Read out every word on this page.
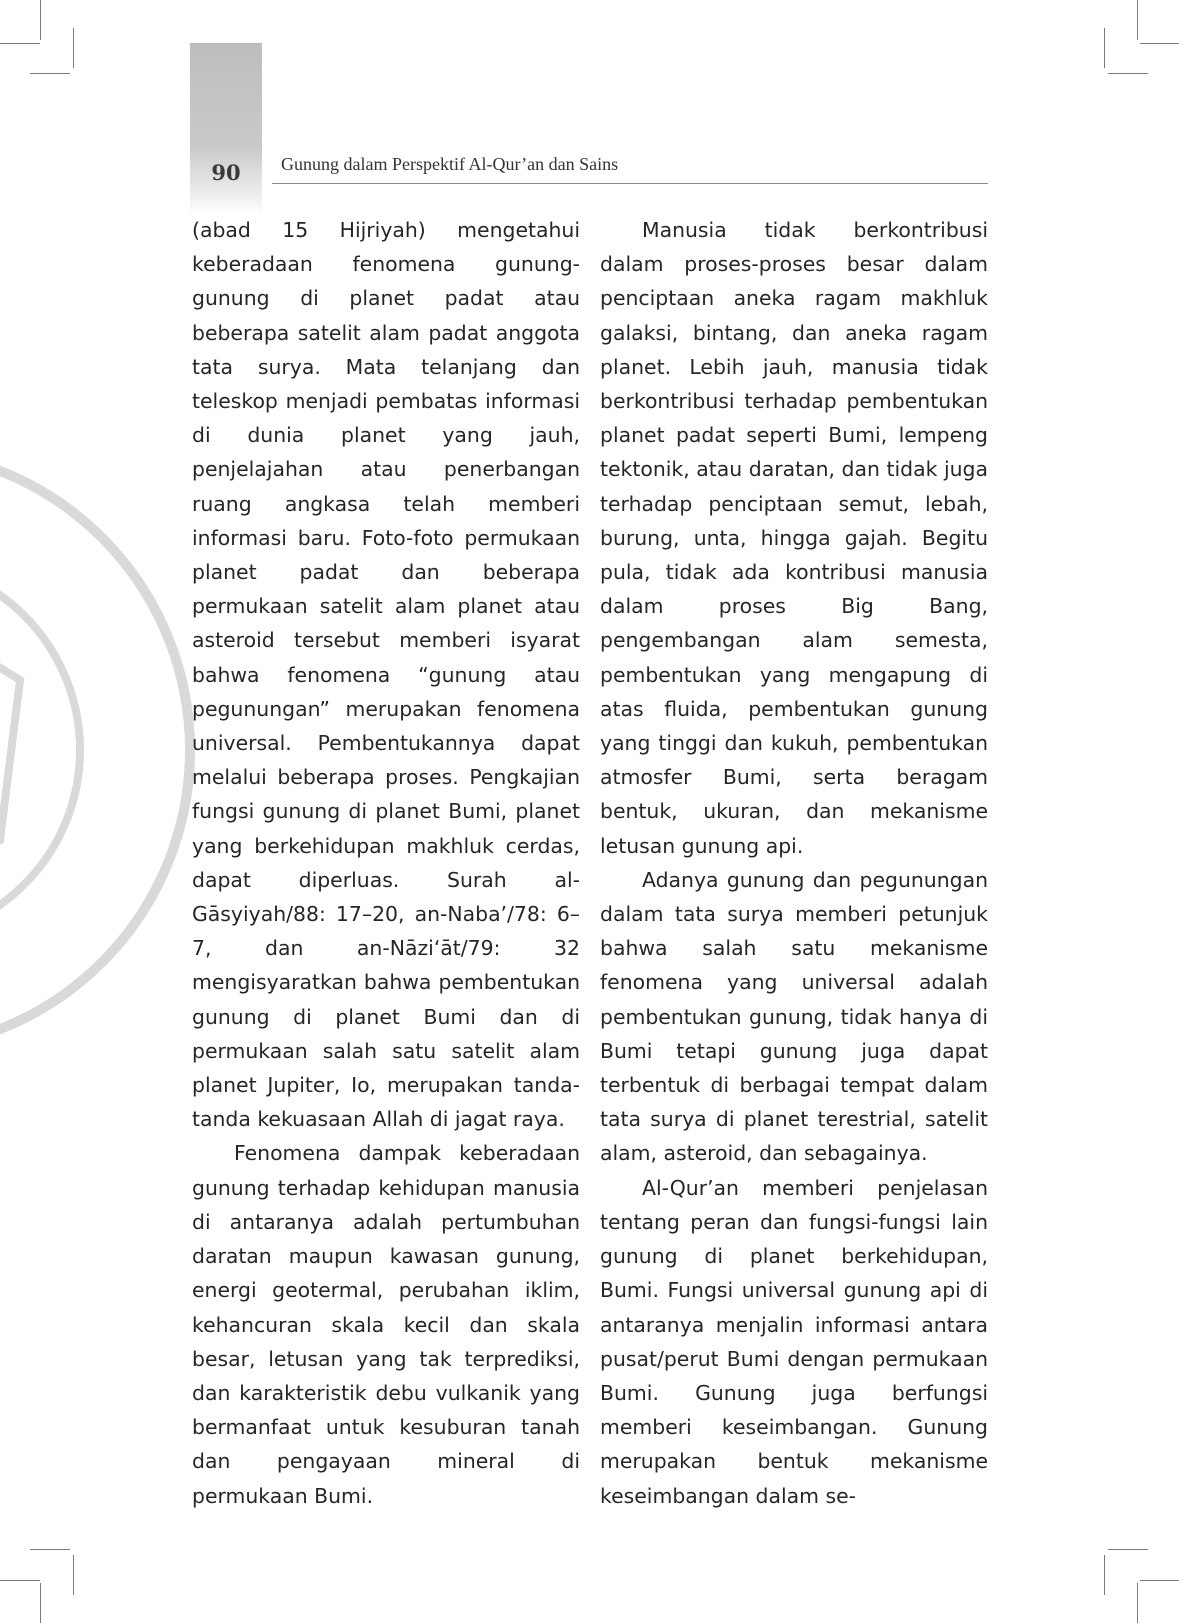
90	Gunung dalam Perspektif Al-Qur’an dan Sains

(abad 15 Hijriyah) mengetahui keberadaan fenomena gunung-gunung di planet padat atau beberapa satelit alam padat anggota tata surya. Mata telanjang dan teleskop menjadi pembatas informasi di dunia planet yang jauh, penjelajahan atau penerbangan ruang angkasa telah memberi informasi baru. Foto-foto permukaan planet padat dan beberapa permukaan satelit alam planet atau asteroid tersebut memberi isyarat bahwa fenomena “gunung atau pegunungan” merupakan fenomena universal. Pembentukannya dapat melalui beberapa proses. Pengkajian fungsi gunung di planet Bumi, planet yang berkehidupan makhluk cerdas, dapat diperluas. Surah al-Gāsyiyah/88: 17–20, an-Naba’/78: 6–7, dan an-Nāzi‘āt/79: 32 mengisyaratkan bahwa pembentukan gunung di planet Bumi dan di permukaan salah satu satelit alam planet Jupiter, Io, merupakan tanda-tanda kekuasaan Allah di jagat raya.

Fenomena dampak keberadaan gunung terhadap kehidupan manusia di antaranya adalah pertumbuhan daratan maupun kawasan gunung, energi geotermal, perubahan iklim, kehancuran skala kecil dan skala besar, letusan yang tak terprediksi, dan karakteristik debu vulkanik yang bermanfaat untuk kesuburan tanah dan pengayaan mineral di permukaan Bumi.

Manusia tidak berkontribusi dalam proses-proses besar dalam penciptaan aneka ragam makhluk galaksi, bintang, dan aneka ragam planet. Lebih jauh, manusia tidak berkontribusi terhadap pembentukan planet padat seperti Bumi, lempeng tektonik, atau daratan, dan tidak juga terhadap penciptaan semut, lebah, burung, unta, hingga gajah. Begitu pula, tidak ada kontribusi manusia dalam proses Big Bang, pengembangan alam semesta, pembentukan yang mengapung di atas fluida, pembentukan gunung yang tinggi dan kukuh, pembentukan atmosfer Bumi, serta beragam bentuk, ukuran, dan mekanisme letusan gunung api.

Adanya gunung dan pegunungan dalam tata surya memberi petunjuk bahwa salah satu mekanisme fenomena yang universal adalah pembentukan gunung, tidak hanya di Bumi tetapi gunung juga dapat terbentuk di berbagai tempat dalam tata surya di planet terestrial, satelit alam, asteroid, dan sebagainya.

Al-Qur’an memberi penjelasan tentang peran dan fungsi-fungsi lain gunung di planet berkehidupan, Bumi. Fungsi universal gunung api di antaranya menjalin informasi antara pusat/perut Bumi dengan permukaan Bumi. Gunung juga berfungsi memberi keseimbangan. Gunung merupakan bentuk mekanisme keseimbangan dalam se-
